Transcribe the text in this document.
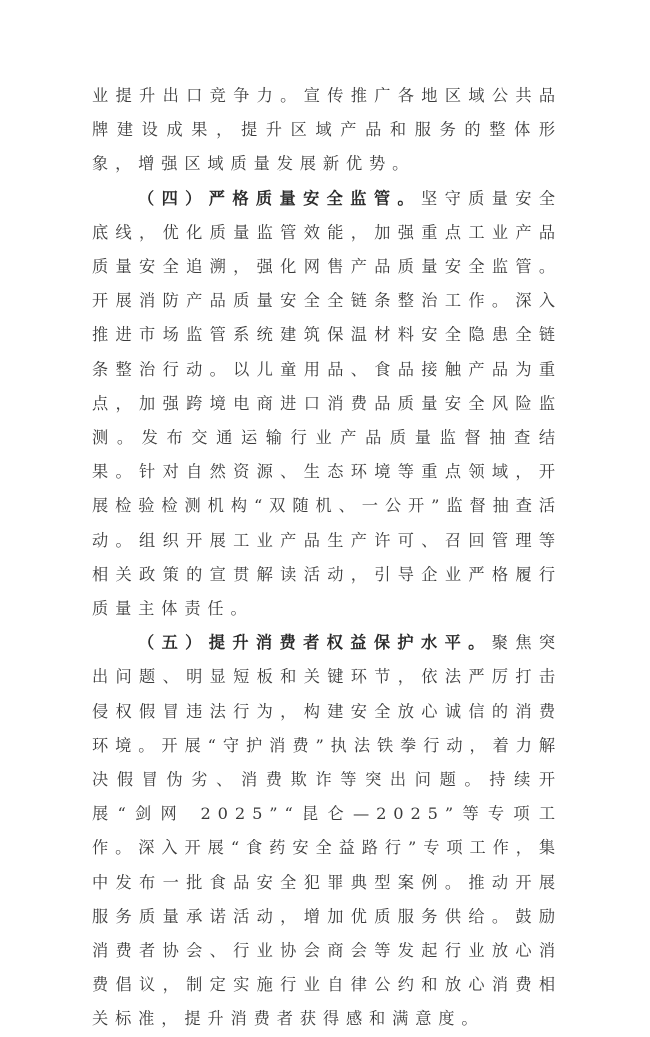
业提升出口竞争力。宣传推广各地区域公共品牌建设成果，提升区域产品和服务的整体形象，增强区域质量发展新优势。

（四）严格质量安全监管。坚守质量安全底线，优化质量监管效能，加强重点工业产品质量安全追溯，强化网售产品质量安全监管。开展消防产品质量安全全链条整治工作。深入推进市场监管系统建筑保温材料安全隐患全链条整治行动。以儿童用品、食品接触产品为重点，加强跨境电商进口消费品质量安全风险监测。发布交通运输行业产品质量监督抽查结果。针对自然资源、生态环境等重点领域，开展检验检测机构“双随机、一公开”监督抽查活动。组织开展工业产品生产许可、召回管理等相关政策的宣贯解读活动，引导企业严格履行质量主体责任。

（五）提升消费者权益保护水平。聚焦突出问题、明显短板和关键环节，依法严厉打击侵权假冒违法行为，构建安全放心诚信的消费环境。开展“守护消费”执法铁拳行动，着力解决假冒伪劣、消费欺诈等突出问题。持续开展“剑网 2025”“昆仑—2025”等专项工作。深入开展“食药安全益路行”专项工作，集中发布一批食品安全犯罪典型案例。推动开展服务质量承诺活动，增加优质服务供给。鼓励消费者协会、行业协会商会等发起行业放心消费倡议，制定实施行业自律公约和放心消费相关标准，提升消费者获得感和满意度。
